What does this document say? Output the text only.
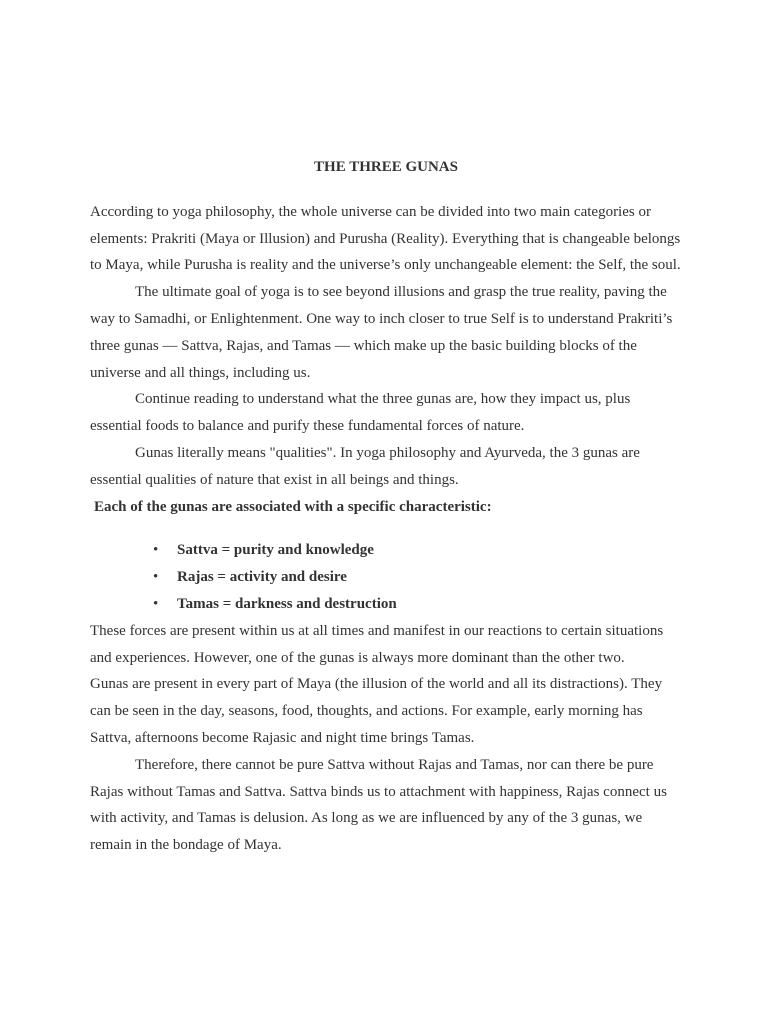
THE THREE GUNAS

According to yoga philosophy, the whole universe can be divided into two main categories or elements: Prakriti (Maya or Illusion) and Purusha (Reality). Everything that is changeable belongs to Maya, while Purusha is reality and the universe’s only unchangeable element: the Self, the soul.

The ultimate goal of yoga is to see beyond illusions and grasp the true reality, paving the way to Samadhi, or Enlightenment. One way to inch closer to true Self is to understand Prakriti’s three gunas — Sattva, Rajas, and Tamas — which make up the basic building blocks of the universe and all things, including us.

Continue reading to understand what the three gunas are, how they impact us, plus essential foods to balance and purify these fundamental forces of nature.

Gunas literally means "qualities". In yoga philosophy and Ayurveda, the 3 gunas are essential qualities of nature that exist in all beings and things.

Each of the gunas are associated with a specific characteristic:

• Sattva = purity and knowledge
• Rajas = activity and desire
• Tamas = darkness and destruction

These forces are present within us at all times and manifest in our reactions to certain situations and experiences. However, one of the gunas is always more dominant than the other two.

Gunas are present in every part of Maya (the illusion of the world and all its distractions). They can be seen in the day, seasons, food, thoughts, and actions. For example, early morning has Sattva, afternoons become Rajasic and night time brings Tamas.

Therefore, there cannot be pure Sattva without Rajas and Tamas, nor can there be pure Rajas without Tamas and Sattva. Sattva binds us to attachment with happiness, Rajas connect us with activity, and Tamas is delusion. As long as we are influenced by any of the 3 gunas, we remain in the bondage of Maya.
